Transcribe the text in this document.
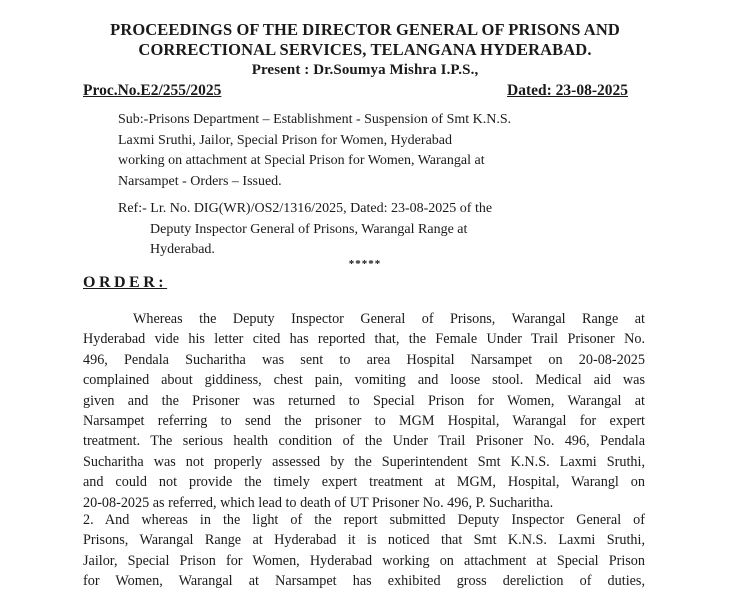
PROCEEDINGS OF THE DIRECTOR GENERAL OF PRISONS AND
CORRECTIONAL SERVICES, TELANGANA HYDERABAD.
Present : Dr.Soumya Mishra I.P.S.,
Proc.No.E2/255/2025	Dated: 23-08-2025
Sub:-Prisons Department – Establishment - Suspension of Smt K.N.S.
Laxmi Sruthi, Jailor, Special Prison for Women, Hyderabad
working on attachment at Special Prison for Women, Warangal at
Narsampet - Orders – Issued.
Ref:- Lr. No. DIG(WR)/OS2/1316/2025, Dated: 23-08-2025 of the
Deputy Inspector General of Prisons, Warangal Range at
Hyderabad.
*****
ORDER:
Whereas the Deputy Inspector General of Prisons, Warangal Range at
Hyderabad vide his letter cited has reported that, the Female Under Trail Prisoner No.
496, Pendala Sucharitha was sent to area Hospital Narsampet on 20-08-2025
complained about giddiness, chest pain, vomiting and loose stool. Medical aid was
given and the Prisoner was returned to Special Prison for Women, Warangal at
Narsampet referring to send the prisoner to MGM Hospital, Warangal for expert
treatment. The serious health condition of the Under Trail Prisoner No. 496, Pendala
Sucharitha was not properly assessed by the Superintendent Smt K.N.S. Laxmi Sruthi,
and could not provide the timely expert treatment at MGM, Hospital, Warangl on
20-08-2025 as referred, which lead to death of UT Prisoner No. 496, P. Sucharitha.
2. And whereas in the light of the report submitted Deputy Inspector General of
Prisons, Warangal Range at Hyderabad it is noticed that Smt K.N.S. Laxmi Sruthi,
Jailor, Special Prison for Women, Hyderabad working on attachment at Special Prison
for Women, Warangal at Narsampet has exhibited gross dereliction of duties,
